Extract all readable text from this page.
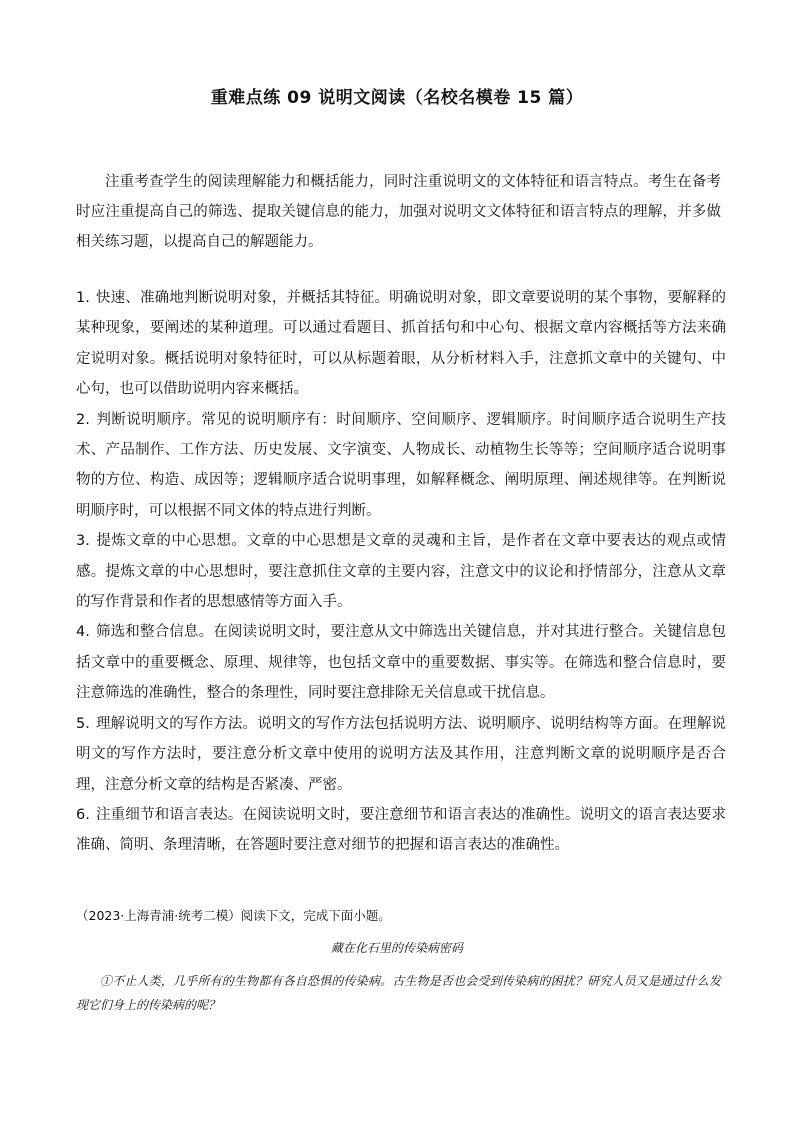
重难点练 09 说明文阅读（名校名模卷 15 篇）

注重考查学生的阅读理解能力和概括能力，同时注重说明文的文体特征和语言特点。考生在备考时应注重提高自己的筛选、提取关键信息的能力，加强对说明文文体特征和语言特点的理解，并多做相关练习题，以提高自己的解题能力。

1. 快速、准确地判断说明对象，并概括其特征。明确说明对象，即文章要说明的某个事物，要解释的某种现象，要阐述的某种道理。可以通过看题目、抓首括句和中心句、根据文章内容概括等方法来确定说明对象。概括说明对象特征时，可以从标题着眼，从分析材料入手，注意抓文章中的关键句、中心句，也可以借助说明内容来概括。
2. 判断说明顺序。常见的说明顺序有：时间顺序、空间顺序、逻辑顺序。时间顺序适合说明生产技术、产品制作、工作方法、历史发展、文字演变、人物成长、动植物生长等等；空间顺序适合说明事物的方位、构造、成因等；逻辑顺序适合说明事理，如解释概念、阐明原理、阐述规律等。在判断说明顺序时，可以根据不同文体的特点进行判断。
3. 提炼文章的中心思想。文章的中心思想是文章的灵魂和主旨，是作者在文章中要表达的观点或情感。提炼文章的中心思想时，要注意抓住文章的主要内容，注意文中的议论和抒情部分，注意从文章的写作背景和作者的思想感情等方面入手。
4. 筛选和整合信息。在阅读说明文时，要注意从文中筛选出关键信息，并对其进行整合。关键信息包括文章中的重要概念、原理、规律等，也包括文章中的重要数据、事实等。在筛选和整合信息时，要注意筛选的准确性，整合的条理性，同时要注意排除无关信息或干扰信息。
5. 理解说明文的写作方法。说明文的写作方法包括说明方法、说明顺序、说明结构等方面。在理解说明文的写作方法时，要注意分析文章中使用的说明方法及其作用，注意判断文章的说明顺序是否合理，注意分析文章的结构是否紧凑、严密。
6. 注重细节和语言表达。在阅读说明文时，要注意细节和语言表达的准确性。说明文的语言表达要求准确、简明、条理清晰，在答题时要注意对细节的把握和语言表达的准确性。

（2023·上海青浦·统考二模）阅读下文，完成下面小题。

藏在化石里的传染病密码

①不止人类，几乎所有的生物都有各自恐惧的传染病。古生物是否也会受到传染病的困扰？研究人员又是通过什么发现它们身上的传染病的呢？
